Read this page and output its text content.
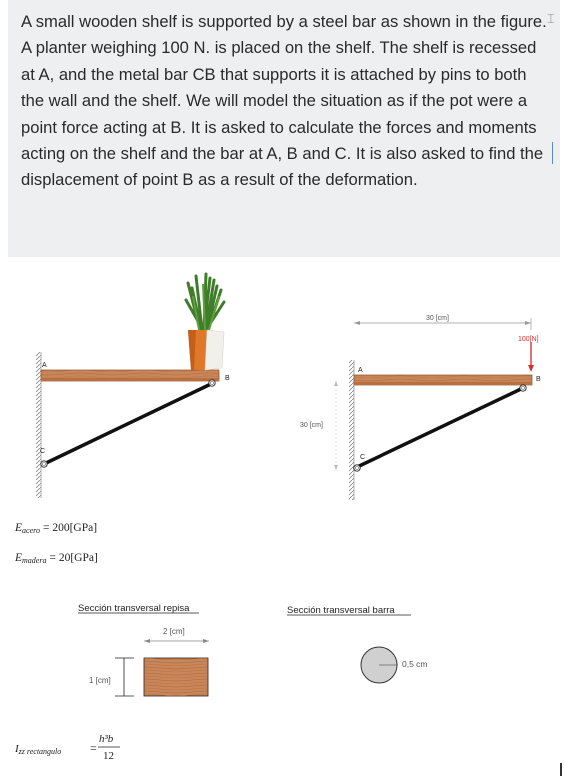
A small wooden shelf is supported by a steel bar as shown in the figure. A planter weighing 100 N. is placed on the shelf. The shelf is recessed at A, and the metal bar CB that supports it is attached by pins to both the wall and the shelf. We will model the situation as if the pot were a point force acting at B. It is asked to calculate the forces and moments acting on the shelf and the bar at A, B and C. It is also asked to find the displacement of point B as a result of the deformation.
⌶
A
B
C
O
O
A
B
C
30 [cm]
30 [cm]
100[N]
O
O
Eacero = 200[GPa]
Emadera = 20[GPa]
Sección transversal repisa
2 [cm]
1 [cm]
Sección transversal barra
0,5 cm
Izz rectangulo =
h³b
12
